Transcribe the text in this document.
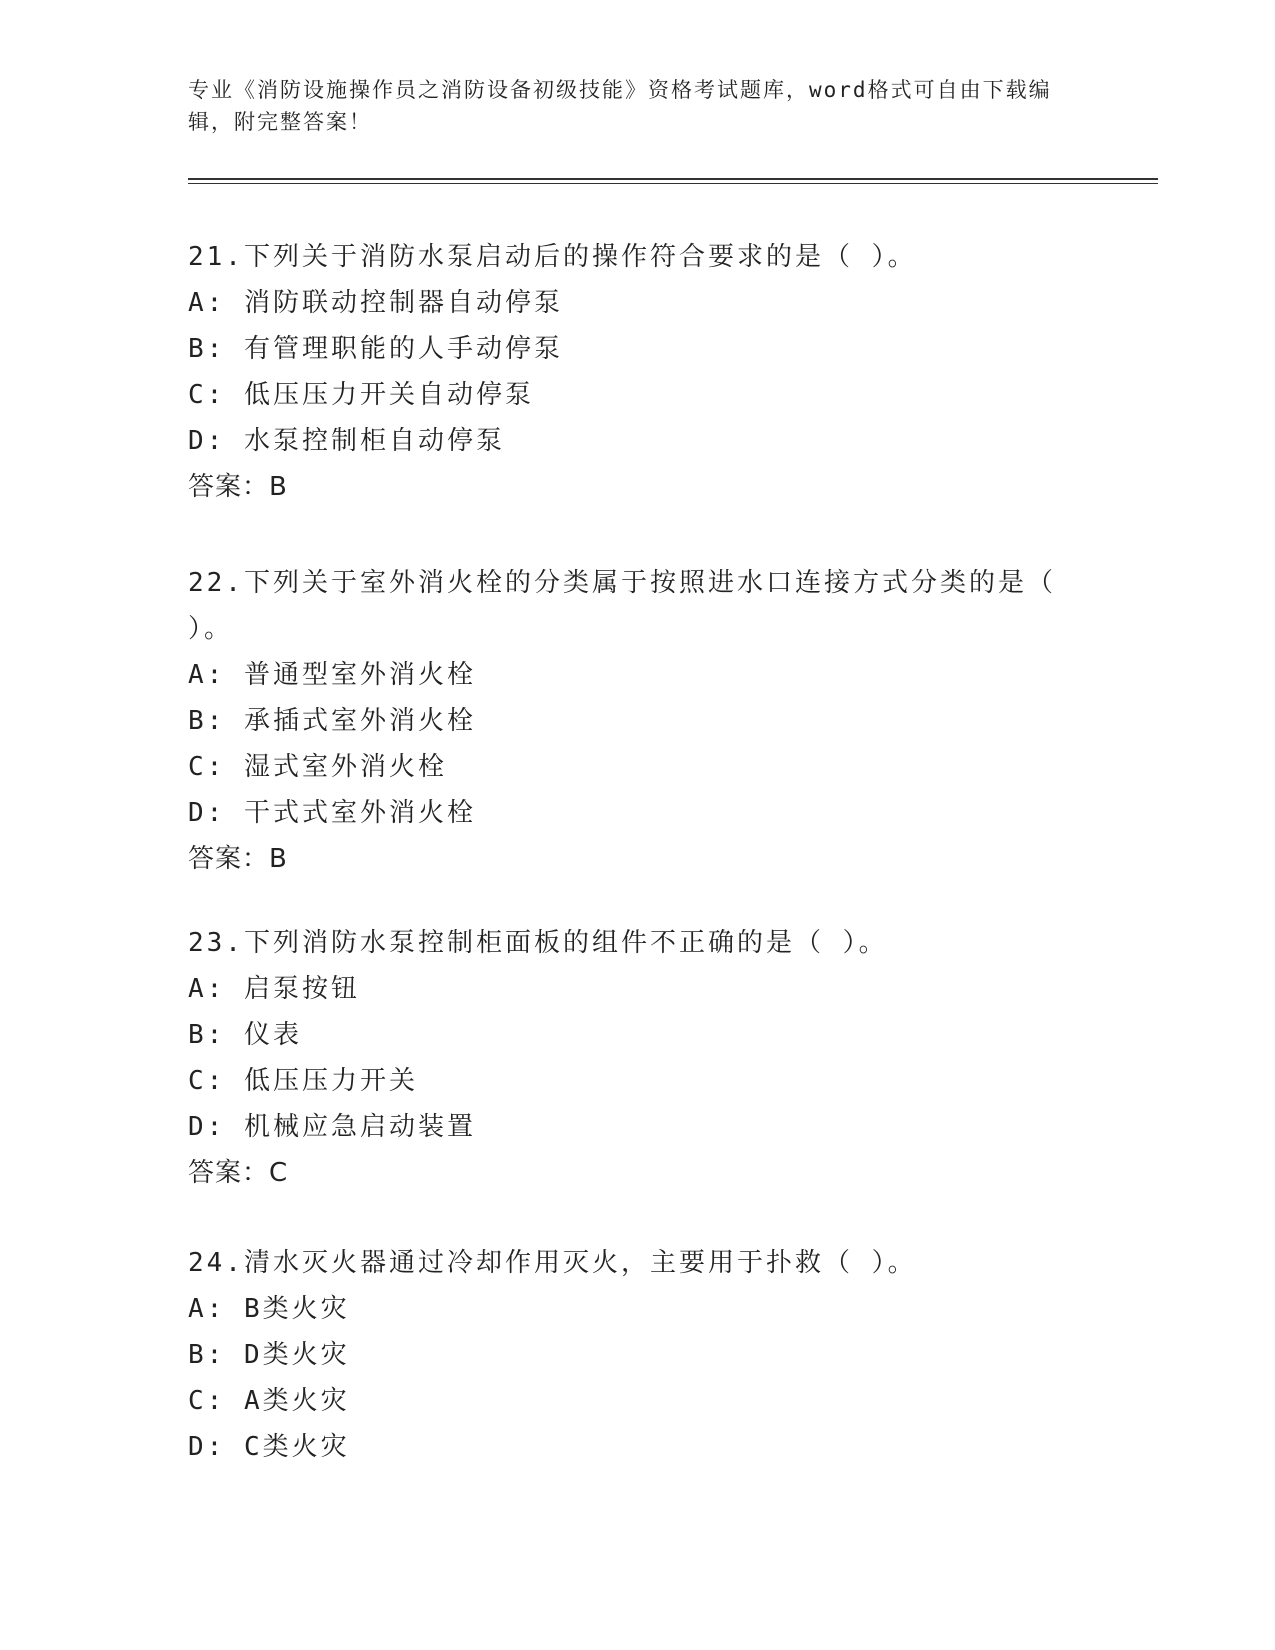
专业《消防设施操作员之消防设备初级技能》资格考试题库，word格式可自由下载编辑，附完整答案！

21.下列关于消防水泵启动后的操作符合要求的是（ ）。

A: 消防联动控制器自动停泵

B: 有管理职能的人手动停泵

C: 低压压力开关自动停泵

D: 水泵控制柜自动停泵

答案：B

22.下列关于室外消火栓的分类属于按照进水口连接方式分类的是（ ）。

A: 普通型室外消火栓

B: 承插式室外消火栓

C: 湿式室外消火栓

D: 干式式室外消火栓

答案：B

23.下列消防水泵控制柜面板的组件不正确的是（ ）。

A: 启泵按钮

B: 仪表

C: 低压压力开关

D: 机械应急启动装置

答案：C

24.清水灭火器通过冷却作用灭火，主要用于扑救（ ）。

A: B类火灾

B: D类火灾

C: A类火灾

D: C类火灾
